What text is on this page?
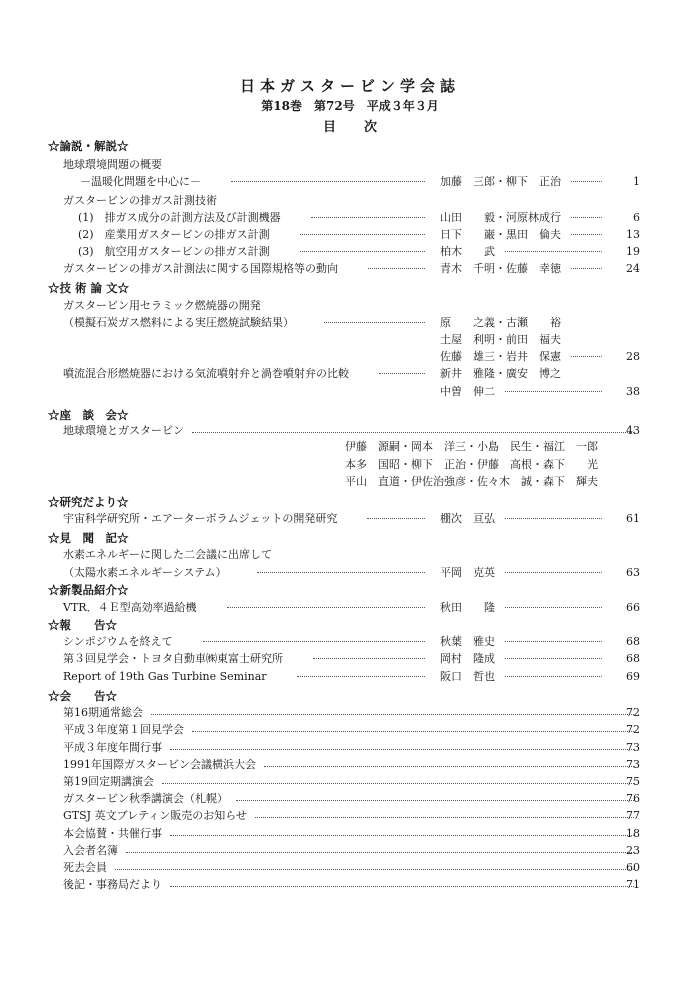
日本ガスタービン学会誌
第18巻　第72号　平成３年３月
目次
☆論説・解説☆
地球環境問題の概要
－温暖化問題を中心に－	加藤　三郎・柳下　正治	1
ガスタービンの排ガス計測技術
(1)　排ガス成分の計測方法及び計測機器	山田　　毅・河原林成行	6
(2)　産業用ガスタービンの排ガス計測	日下　　巌・黒田　倫夫	13
(3)　航空用ガスタービンの排ガス計測	柏木　　武	19
ガスタービンの排ガス計測法に関する国際規格等の動向	青木　千明・佐藤　幸徳	24
☆技 術 論 文☆
ガスタービン用セラミック燃焼器の開発
（模擬石炭ガス燃料による実圧燃焼試験結果）	原　　之義・古瀬　　裕
土屋　利明・前田　福夫
佐藤　雄三・岩井　保憲	28
噴流混合形燃焼器における気流噴射弁と渦巻噴射弁の比較	新井　雅隆・廣安　博之
中曽　伸二	38
☆座　談　会☆
地球環境とガスタービン	43
伊藤　源嗣・岡本　洋三・小島　民生・福江　一郎
本多　国昭・柳下　正治・伊藤　高根・森下　　光
平山　直道・伊佐治強彦・佐々木　誠・森下　輝夫
☆研究だより☆
宇宙科学研究所・エアーターボラムジェットの開発研究	棚次　亘弘	61
☆見　聞　記☆
水素エネルギーに関した二会議に出席して
（太陽水素エネルギーシステム）	平岡　克英	63
☆新製品紹介☆
VTR．４Ｅ型高効率過給機	秋田　　隆	66
☆報　　告☆
シンポジウムを終えて	秋葉　雅史	68
第３回見学会・トヨタ自動車㈱東富士研究所	岡村　隆成	68
Report of 19th Gas Turbine Seminar	阪口　哲也	69
☆会　　告☆
第16期通常総会	72
平成３年度第１回見学会	72
平成３年度年間行事	73
1991年国際ガスタービン会議横浜大会	73
第19回定期講演会	75
ガスタービン秋季講演会（札幌）	76
GTSJ 英文ブレティン販売のお知らせ	77
本会協賛・共催行事	18
入会者名簿	23
死去会員	60
後記・事務局だより	71
